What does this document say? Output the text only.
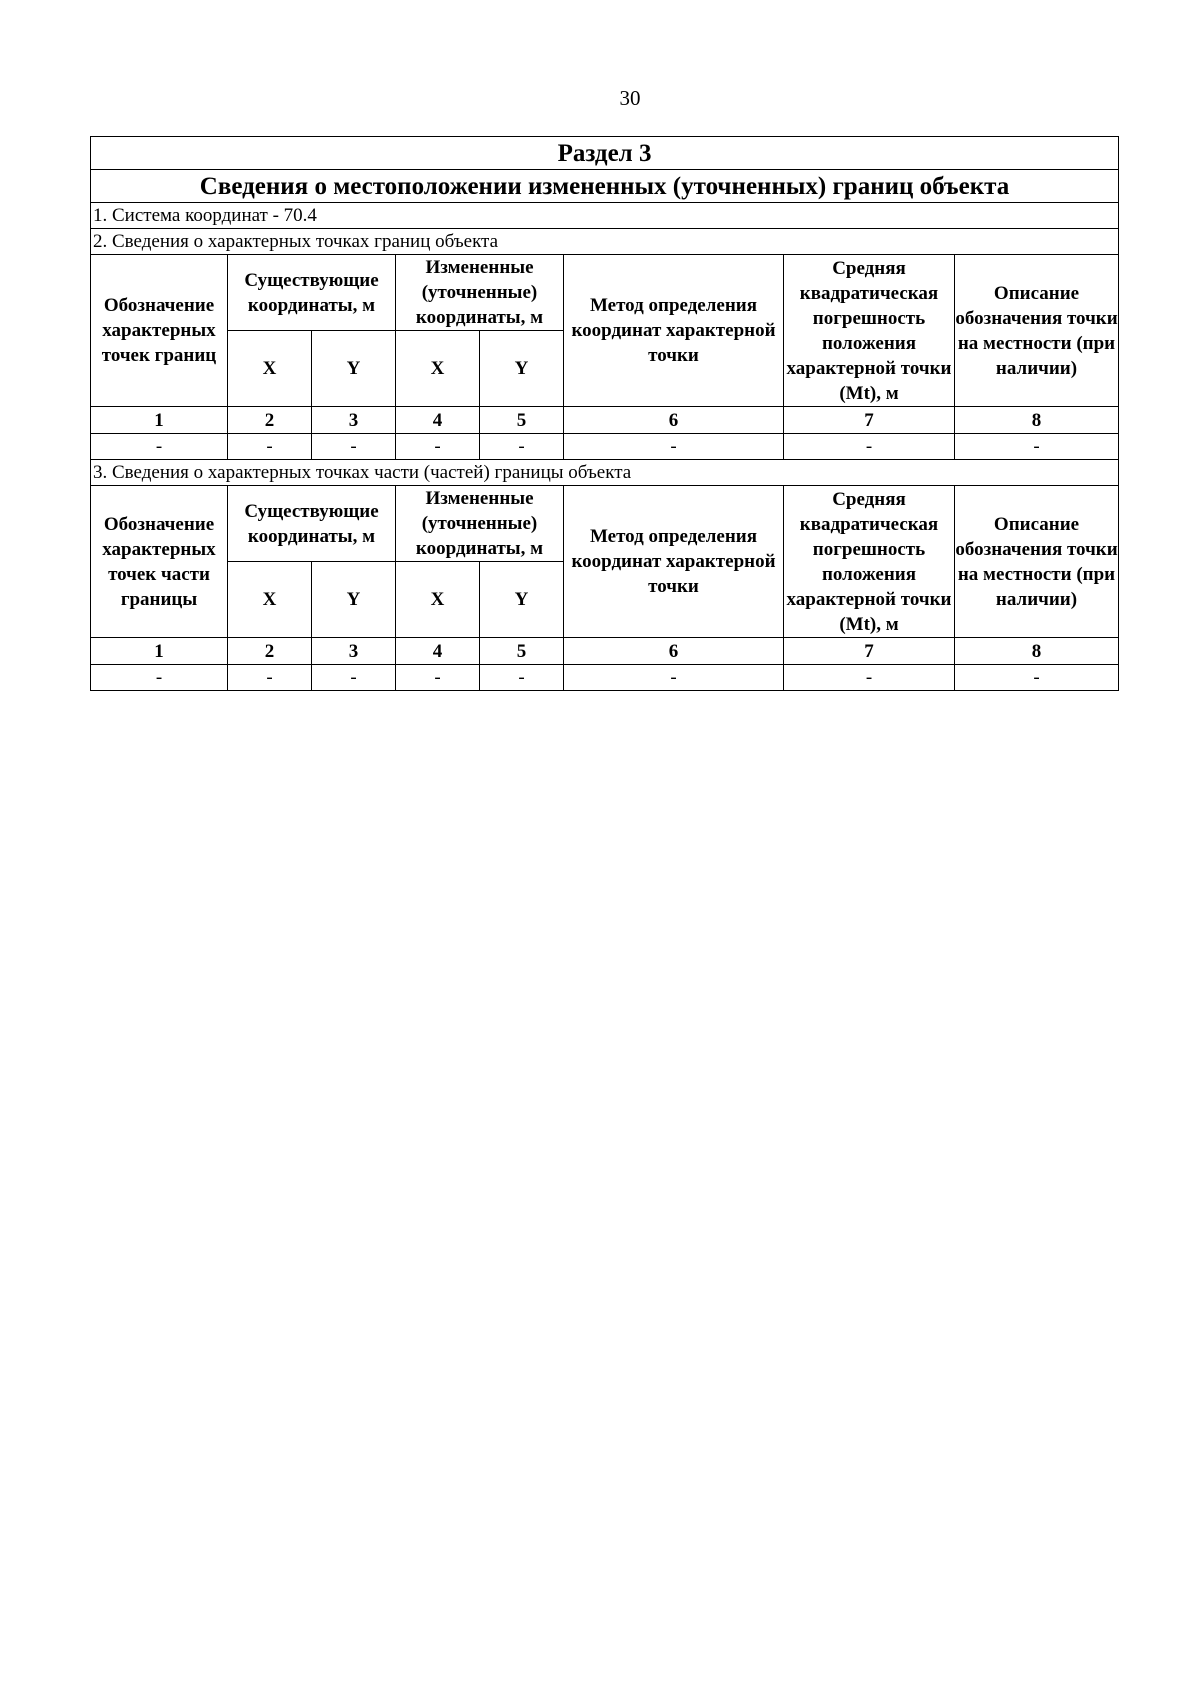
30
Раздел 3							
Сведения о местоположении измененных (уточненных) границ объекта							
1. Система координат - 70.4							
2. Сведения о характерных точках границ объекта							
Обозначение характерных точек границ	Существующие координаты, м		Измененные (уточненные) координаты, м		Метод определения координат характерной точки	Средняя квадратическая погрешность положения характерной точки (Mt), м	Описание обозначения точки на местности (при наличии)
	X	Y	X	Y			
1	2	3	4	5	6	7	8
-	-	-	-	-	-	-	-
3. Сведения о характерных точках части (частей) границы объекта							
Обозначение характерных точек части границы	Существующие координаты, м		Измененные (уточненные) координаты, м		Метод определения координат характерной точки	Средняя квадратическая погрешность положения характерной точки (Mt), м	Описание обозначения точки на местности (при наличии)
	X	Y	X	Y			
1	2	3	4	5	6	7	8
-	-	-	-	-	-	-	-
